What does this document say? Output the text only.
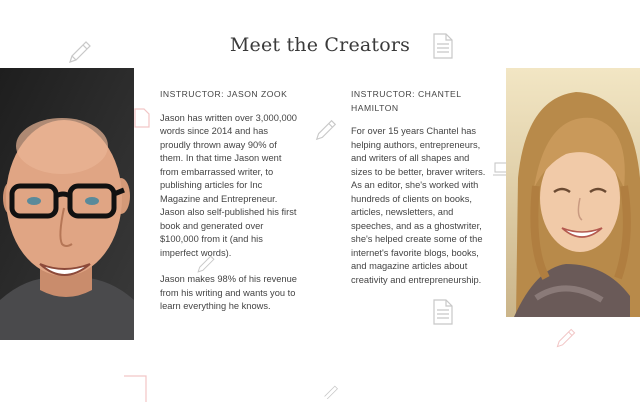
Meet the Creators

INSTRUCTOR: JASON ZOOK

Jason has written over 3,000,000 words since 2014 and has proudly thrown away 90% of them. In that time Jason went from embarrassed writer, to publishing articles for Inc Magazine and Entrepreneur. Jason also self-published his first book and generated over $100,000 from it (and his imperfect words).

Jason makes 98% of his revenue from his writing and wants you to learn everything he knows.

INSTRUCTOR: CHANTEL HAMILTON

For over 15 years Chantel has helping authors, entrepreneurs, and writers of all shapes and sizes to be better, braver writers. As an editor, she's worked with hundreds of clients on books, articles, newsletters, and speeches, and as a ghostwriter, she's helped create some of the internet's favorite blogs, books, and magazine articles about creativity and entrepreneurship.
